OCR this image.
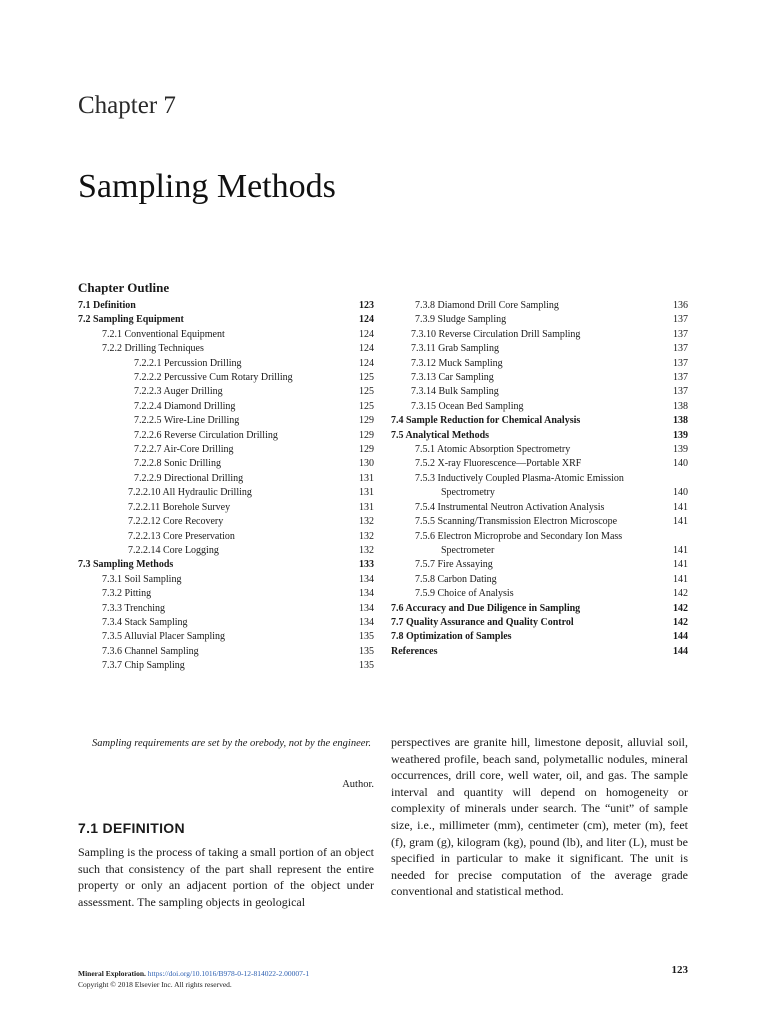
Chapter 7
Sampling Methods
Chapter Outline
7.1 Definition	123
7.2 Sampling Equipment	124
7.2.1 Conventional Equipment	124
7.2.2 Drilling Techniques	124
7.2.2.1 Percussion Drilling	124
7.2.2.2 Percussive Cum Rotary Drilling	125
7.2.2.3 Auger Drilling	125
7.2.2.4 Diamond Drilling	125
7.2.2.5 Wire-Line Drilling	129
7.2.2.6 Reverse Circulation Drilling	129
7.2.2.7 Air-Core Drilling	129
7.2.2.8 Sonic Drilling	130
7.2.2.9 Directional Drilling	131
7.2.2.10 All Hydraulic Drilling	131
7.2.2.11 Borehole Survey	131
7.2.2.12 Core Recovery	132
7.2.2.13 Core Preservation	132
7.2.2.14 Core Logging	132
7.3 Sampling Methods	133
7.3.1 Soil Sampling	134
7.3.2 Pitting	134
7.3.3 Trenching	134
7.3.4 Stack Sampling	134
7.3.5 Alluvial Placer Sampling	135
7.3.6 Channel Sampling	135
7.3.7 Chip Sampling	135
7.3.8 Diamond Drill Core Sampling	136
7.3.9 Sludge Sampling	137
7.3.10 Reverse Circulation Drill Sampling	137
7.3.11 Grab Sampling	137
7.3.12 Muck Sampling	137
7.3.13 Car Sampling	137
7.3.14 Bulk Sampling	137
7.3.15 Ocean Bed Sampling	138
7.4 Sample Reduction for Chemical Analysis	138
7.5 Analytical Methods	139
7.5.1 Atomic Absorption Spectrometry	139
7.5.2 X-ray Fluorescence—Portable XRF	140
7.5.3 Inductively Coupled Plasma-Atomic Emission
Spectrometry	140
7.5.4 Instrumental Neutron Activation Analysis	141
7.5.5 Scanning/Transmission Electron Microscope	141
7.5.6 Electron Microprobe and Secondary Ion Mass
Spectrometer	141
7.5.7 Fire Assaying	141
7.5.8 Carbon Dating	141
7.5.9 Choice of Analysis	142
7.6 Accuracy and Due Diligence in Sampling	142
7.7 Quality Assurance and Quality Control	142
7.8 Optimization of Samples	144
References	144
Sampling requirements are set by the orebody, not by the engineer.
Author.
7.1 DEFINITION

Sampling is the process of taking a small portion of an object such that consistency of the part shall represent the entire property or only an adjacent portion of the object under assessment. The sampling objects in geological

perspectives are granite hill, limestone deposit, alluvial soil, weathered profile, beach sand, polymetallic nodules, mineral occurrences, drill core, well water, oil, and gas. The sample interval and quantity will depend on homogeneity or complexity of minerals under search. The “unit” of sample size, i.e., millimeter (mm), centimeter (cm), meter (m), feet (f), gram (g), kilogram (kg), pound (lb), and liter (L), must be specified in particular to make it significant. The unit is needed for precise computation of the average grade conventional and statistical method.

Mineral Exploration. https://doi.org/10.1016/B978-0-12-814022-2.00007-1
Copyright © 2018 Elsevier Inc. All rights reserved.
123
